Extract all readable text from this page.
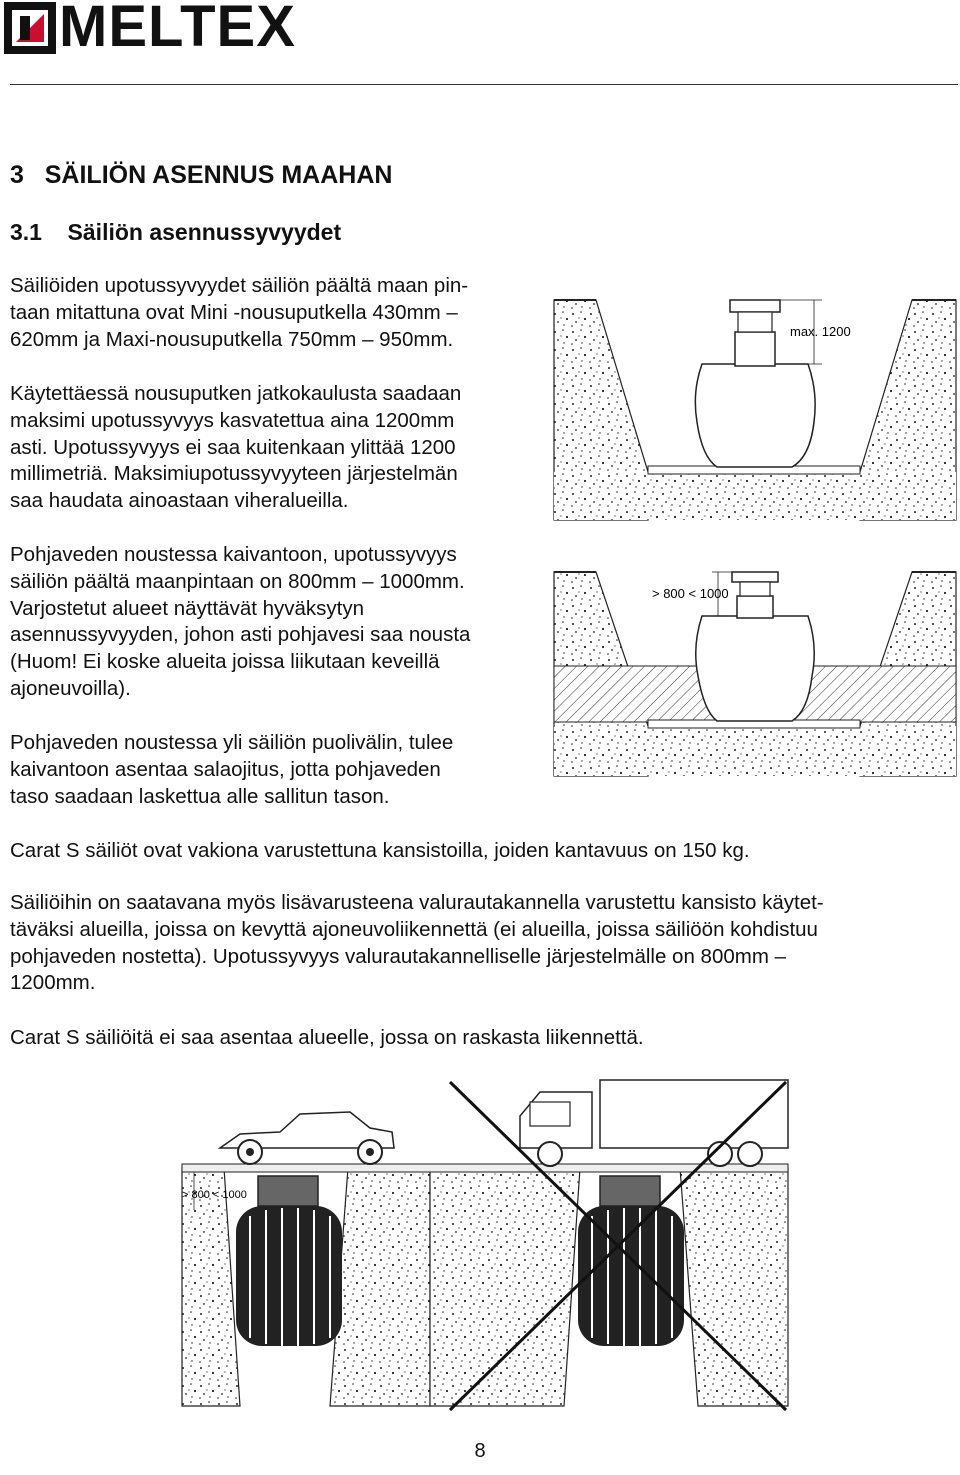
MELTEX
3 SÄILIÖN ASENNUS MAAHAN
3.1 Säiliön asennussyvyydet

Säiliöiden upotussyvyydet säiliön päältä maan pin-

taan mitattuna ovat Mini -nousuputkella 430mm –

620mm ja Maxi-nousuputkella 750mm – 950mm.

Käytettäessä nousuputken jatkokaulusta saadaan

maksimi upotussyvyys kasvatettua aina 1200mm

asti. Upotussyvyys ei saa kuitenkaan ylittää 1200

millimetriä. Maksimiupotussyvyyteen järjestelmän

saa haudata ainoastaan viheralueilla.

Pohjaveden noustessa kaivantoon, upotussyvyys

säiliön päältä maanpintaan on 800mm – 1000mm.

Varjostetut alueet näyttävät hyväksytyn

asennussyvyyden, johon asti pohjavesi saa nousta

(Huom! Ei koske alueita joissa liikutaan keveillä

ajoneuvoilla).

Pohjaveden noustessa yli säiliön puolivälin, tulee

kaivantoon asentaa salaojitus, jotta pohjaveden

taso saadaan laskettua alle sallitun tason.

Carat S säiliöt ovat vakiona varustettuna kansistoilla, joiden kantavuus on 150 kg.

Säiliöihin on saatavana myös lisävarusteena valurautakannella varustettu kansisto käytet-

täväksi alueilla, joissa on kevyttä ajoneuvoliikennettä (ei alueilla, joissa säiliöön kohdistuu

pohjaveden nostetta). Upotussyvyys valurautakannelliselle järjestelmälle on 800mm –

1200mm.

Carat S säiliöitä ei saa asentaa alueelle, jossa on raskasta liikennettä.

max. 1200
> 800 < 1000
> 800 < 1000
8
